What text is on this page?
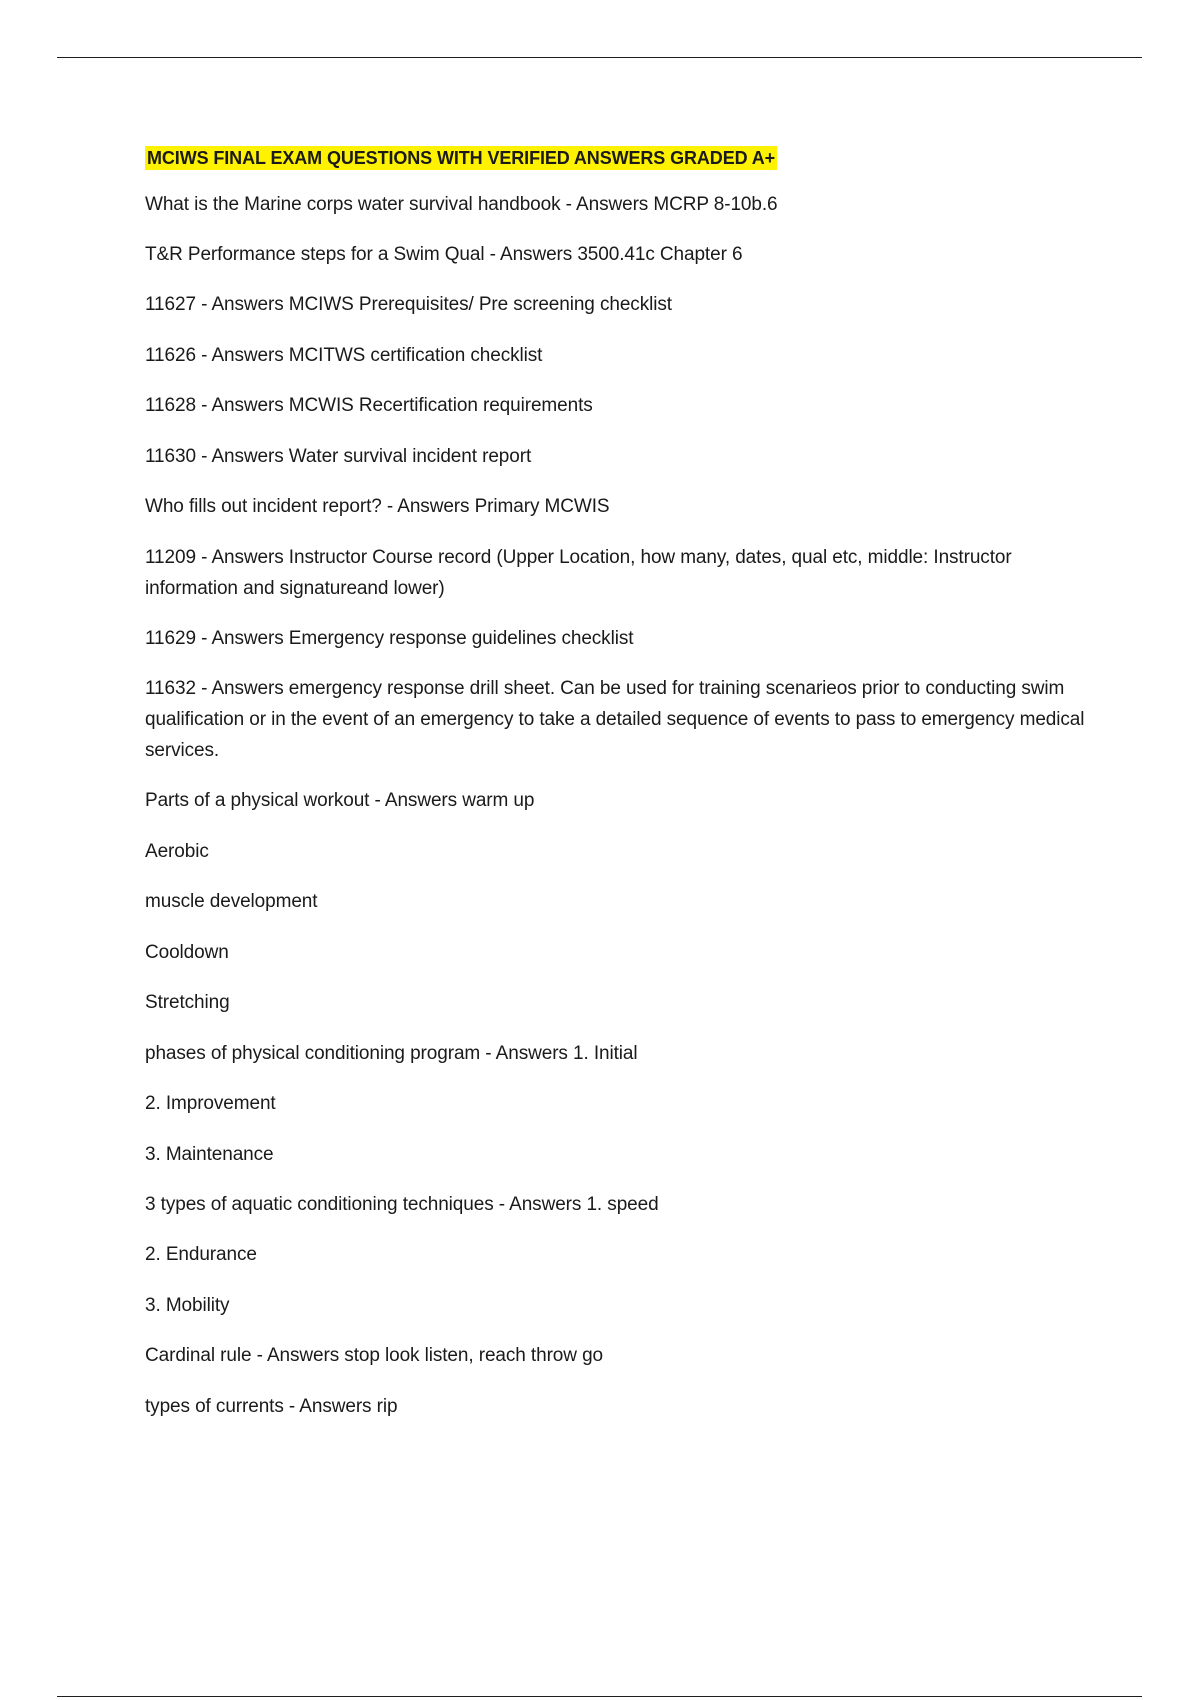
MCIWS FINAL EXAM QUESTIONS WITH VERIFIED ANSWERS GRADED A+

What is the Marine corps water survival handbook - Answers MCRP 8-10b.6

T&R Performance steps for a Swim Qual - Answers 3500.41c Chapter 6

11627 - Answers MCIWS Prerequisites/ Pre screening checklist

11626 - Answers MCITWS certification checklist

11628 - Answers MCWIS Recertification requirements

11630 - Answers Water survival incident report

Who fills out incident report? - Answers Primary MCWIS

11209 - Answers Instructor Course record (Upper Location, how many, dates, qual etc, middle: Instructor information and signatureand lower)

11629 - Answers Emergency response guidelines checklist

11632 - Answers emergency response drill sheet. Can be used for training scenarieos prior to conducting swim qualification or in the event of an emergency to take a detailed sequence of events to pass to emergency medical services.

Parts of a physical workout - Answers warm up

Aerobic

muscle development

Cooldown

Stretching

phases of physical conditioning program - Answers 1. Initial

2. Improvement

3. Maintenance

3 types of aquatic conditioning techniques - Answers 1. speed

2. Endurance

3. Mobility

Cardinal rule - Answers stop look listen, reach throw go

types of currents - Answers rip
